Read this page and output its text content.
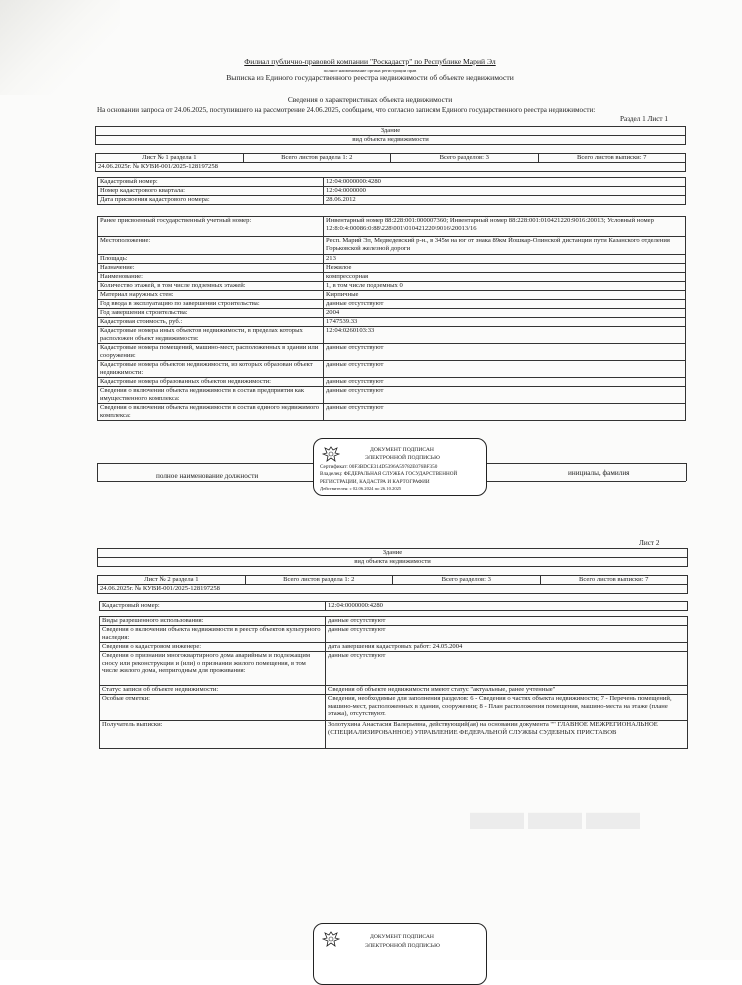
Филиал публично-правовой компании "Роскадастр" по Республике Марий Эл
полное наименование органа регистрации прав
Выписка из Единого государственного реестра недвижимости об объекте недвижимости
Сведения о характеристиках объекта недвижимости
На основании запроса от 24.06.2025, поступившего на рассмотрение 24.06.2025, сообщаем, что согласно записям Единого государственного реестра недвижимости:
Раздел 1 Лист 1
Здание
вид объекта недвижимости

Лист № 1 раздела 1	Всего листов раздела 1: 2	Всего разделов: 3	Всего листов выписки: 7
24.06.2025г. № КУВИ-001/2025-128197258
Кадастровый номер:	12:04:0000000:4280
Номер кадастрового квартала:	12:04:0000000
Дата присвоения кадастрового номера:	28.06.2012
Ранее присвоенный государственный учетный номер:	Инвентарный номер 88:228:001:000007360; Инвентарный номер 88:228:001:010421220:9016:20013; Условный номер 12:8:0:4:00086:0:88\228\001\010421220\9016\20013/16
Местоположение:	Респ. Марий Эл, Медведевский р-н., в 345м на юг от знака 89км Йошкар-Олинской дистанции пути Казанского отделения Горьковской железной дороги
Площадь:	213
Назначение:	Нежилое
Наименование:	компрессорная
Количество этажей, в том числе подземных этажей:	1, в том числе подземных 0
Материал наружных стен:	Кирпичные
Год ввода в эксплуатацию по завершении строительства:	данные отсутствуют
Год завершения строительства:	2004
Кадастровая стоимость, руб.:	1747539.33
Кадастровые номера иных объектов недвижимости, в пределах которых расположен объект недвижимости:	12:04:0260103:33
Кадастровые номера помещений, машино-мест, расположенных в здании или сооружении:	данные отсутствуют
Кадастровые номера объектов недвижимости, из которых образован объект недвижимости:	данные отсутствуют
Кадастровые номера образованных объектов недвижимости:	данные отсутствуют
Сведения о включении объекта недвижимости в состав предприятия как имущественного комплекса:	данные отсутствуют
Сведения о включении объекта недвижимости в состав единого недвижимого комплекса:	данные отсутствуют
полное наименование должности	инициалы, фамилия
ДОКУМЕНТ ПОДПИСАН
ЭЛЕКТРОННОЙ ПОДПИСЬЮ
Сертификат: 00F3BDCE314D5396A59782E076BF350
Владелец: ФЕДЕРАЛЬНАЯ СЛУЖБА ГОСУДАРСТВЕННОЙ
РЕГИСТРАЦИИ, КАДАСТРА И КАРТОГРАФИИ
Действителен: с 02.06.2024 по 26.10.2025
Лист 2
Здание
вид объекта недвижимости

Лист № 2 раздела 1	Всего листов раздела 1: 2	Всего разделов: 3	Всего листов выписки: 7
24.06.2025г. № КУВИ-001/2025-128197258
Кадастровый номер:	12:04:0000000:4280
Виды разрешенного использования:	данные отсутствуют
Сведения о включении объекта недвижимости в реестр объектов культурного наследия:	данные отсутствуют
Сведения о кадастровом инженере:	дата завершения кадастровых работ: 24.05.2004
Сведения о признании многоквартирного дома аварийным и подлежащим сносу или реконструкции и (или) о признании жилого помещения, в том числе жилого дома, непригодным для проживания:	данные отсутствуют
Статус записи об объекте недвижимости:	Сведения об объекте недвижимости имеют статус "актуальные, ранее учтенные"
Особые отметки:	Сведения, необходимые для заполнения разделов: 6 - Сведения о частях объекта недвижимости; 7 - Перечень помещений, машино-мест, расположенных в здании, сооружении; 8 - План расположения помещения, машино-места на этаже (плане этажа), отсутствуют.
Получатель выписки:	Золотухина Анастасия Валерьевна, действующий(ая) на основании документа "" ГЛАВНОЕ МЕЖРЕГИОНАЛЬНОЕ (СПЕЦИАЛИЗИРОВАННОЕ) УПРАВЛЕНИЕ ФЕДЕРАЛЬНОЙ СЛУЖБЫ СУДЕБНЫХ ПРИСТАВОВ
▬▬▬
ДОКУМЕНТ ПОДПИСАН
ЭЛЕКТРОННОЙ ПОДПИСЬЮ
